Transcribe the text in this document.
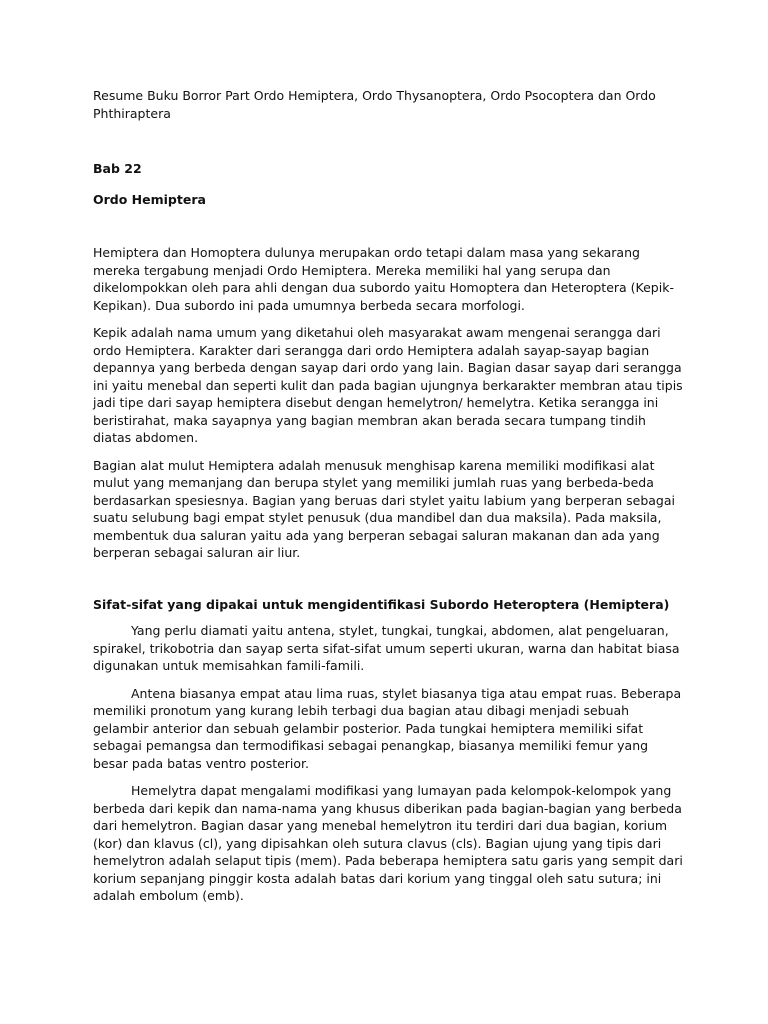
Resume Buku Borror Part Ordo Hemiptera, Ordo Thysanoptera, Ordo Psocoptera dan Ordo Phthiraptera

Bab 22

Ordo Hemiptera

Hemiptera dan Homoptera dulunya merupakan ordo tetapi dalam masa yang sekarang mereka tergabung menjadi Ordo Hemiptera. Mereka memiliki hal yang serupa dan dikelompokkan oleh para ahli dengan dua subordo yaitu Homoptera dan Heteroptera (Kepik-Kepikan). Dua subordo ini pada umumnya berbeda secara morfologi.

Kepik adalah nama umum yang diketahui oleh masyarakat awam mengenai serangga dari ordo Hemiptera. Karakter dari serangga dari ordo Hemiptera adalah sayap-sayap bagian depannya yang berbeda dengan sayap dari ordo yang lain. Bagian dasar sayap dari serangga ini yaitu menebal dan seperti kulit dan pada bagian ujungnya berkarakter membran atau tipis jadi tipe dari sayap hemiptera disebut dengan hemelytron/ hemelytra. Ketika serangga ini beristirahat, maka sayapnya yang bagian membran akan berada secara tumpang tindih diatas abdomen.

Bagian alat mulut Hemiptera adalah menusuk menghisap karena memiliki modifikasi alat mulut yang memanjang dan berupa stylet yang memiliki jumlah ruas yang berbeda-beda berdasarkan spesiesnya. Bagian yang beruas dari stylet yaitu labium yang berperan sebagai suatu selubung bagi empat stylet penusuk (dua mandibel dan dua maksila). Pada maksila, membentuk dua saluran yaitu ada yang berperan sebagai saluran makanan dan ada yang berperan sebagai saluran air liur.

Sifat-sifat yang dipakai untuk mengidentifikasi Subordo Heteroptera (Hemiptera)

Yang perlu diamati yaitu antena, stylet, tungkai, tungkai, abdomen, alat pengeluaran, spirakel, trikobotria dan sayap serta sifat-sifat umum seperti ukuran, warna dan habitat biasa digunakan untuk memisahkan famili-famili.

Antena biasanya empat atau lima ruas, stylet biasanya tiga atau empat ruas. Beberapa memiliki pronotum yang kurang lebih terbagi dua bagian atau dibagi menjadi sebuah gelambir anterior dan sebuah gelambir posterior. Pada tungkai hemiptera memiliki sifat sebagai pemangsa dan termodifikasi sebagai penangkap, biasanya memiliki femur yang besar pada batas ventro posterior.

Hemelytra dapat mengalami modifikasi yang lumayan pada kelompok-kelompok yang berbeda dari kepik dan nama-nama yang khusus diberikan pada bagian-bagian yang berbeda dari hemelytron. Bagian dasar yang menebal hemelytron itu terdiri dari dua bagian, korium (kor) dan klavus (cl), yang dipisahkan oleh sutura clavus (cls). Bagian ujung yang tipis dari hemelytron adalah selaput tipis (mem). Pada beberapa hemiptera satu garis yang sempit dari korium sepanjang pinggir kosta adalah batas dari korium yang tinggal oleh satu sutura; ini adalah embolum (emb).
